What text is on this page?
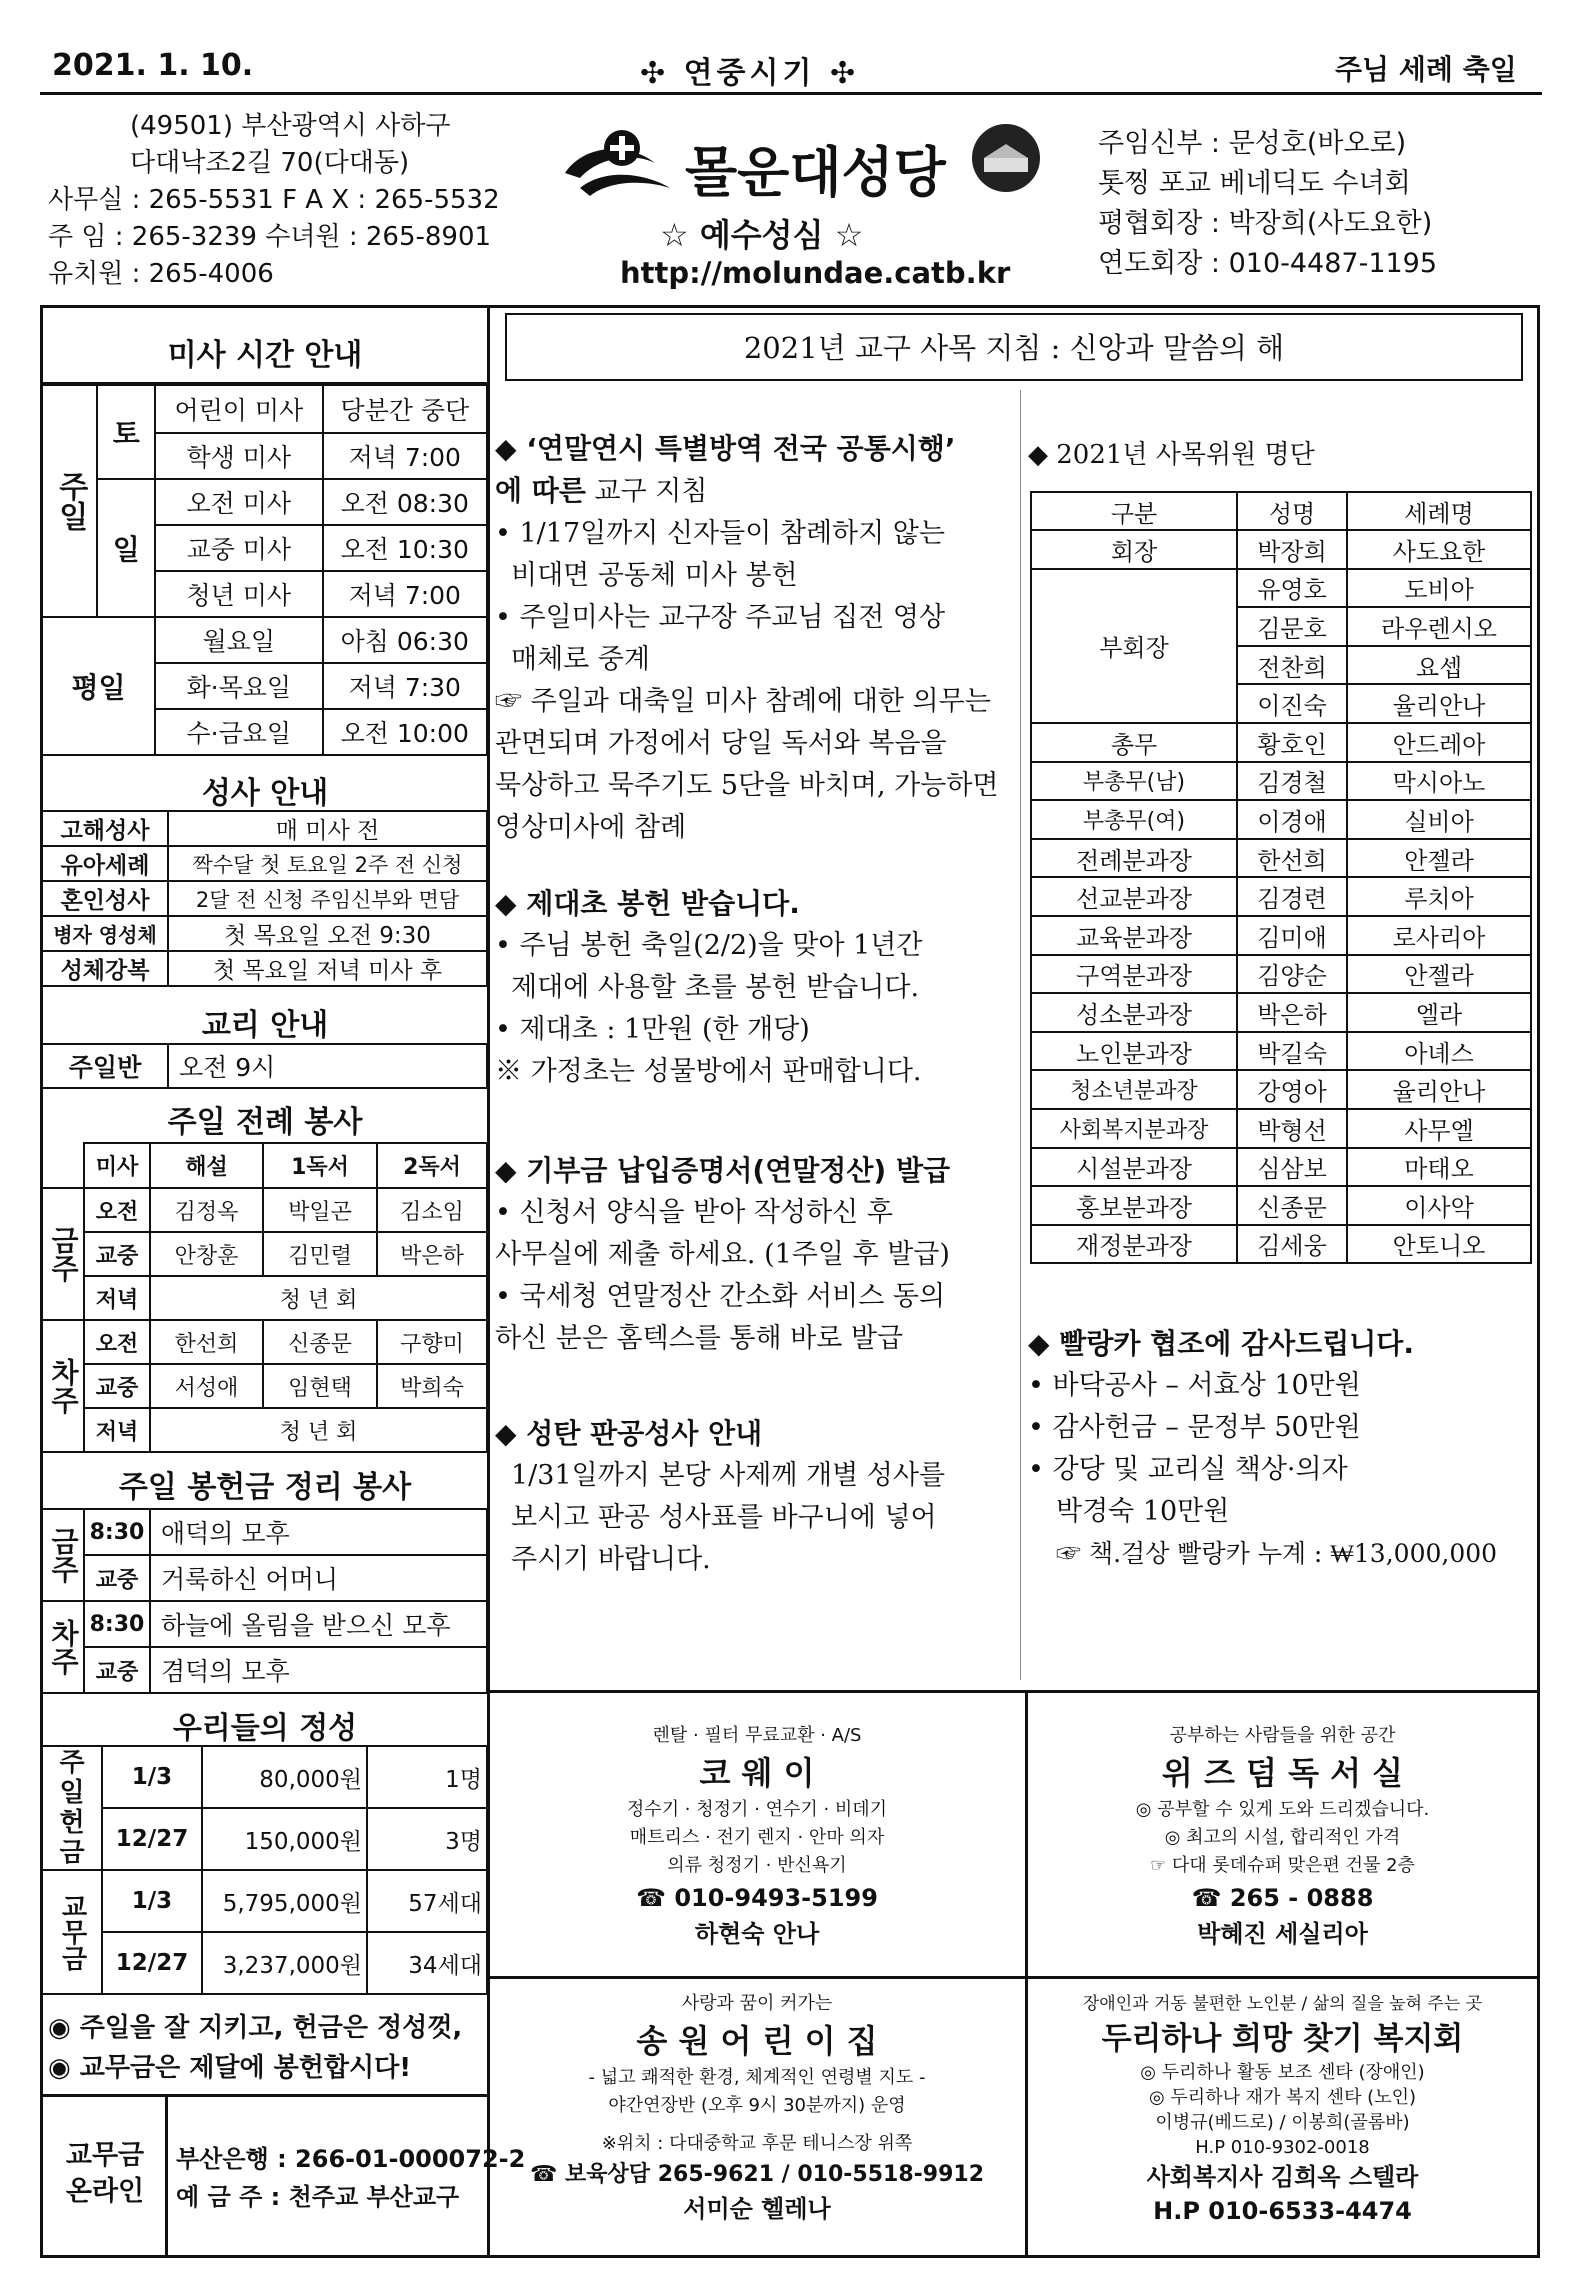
2021. 1. 10.	✣ 연중시기 ✣	주님 세례 축일
(49501) 부산광역시 사하구
다대낙조2길 70(다대동)
사무실 : 265-5531 F A X : 265-5532
주 임 : 265-3239 수녀원 : 265-8901
유치원 : 265-4006
몰운대성당
☆ 예수성심 ☆
http://molundae.catb.kr
주임신부 : 문성호(바오로)
톳찡 포교 베네딕도 수녀회
평협회장 : 박장희(사도요한)
연도회장 : 010-4487-1195
미사 시간 안내
주일	토	어린이 미사	당분간 중단
		학생 미사	저녁 7:00
	일	오전 미사	오전 08:30
		교중 미사	오전 10:30
		청년 미사	저녁 7:00
평일		월요일	아침 06:30
		화·목요일	저녁 7:30
		수·금요일	오전 10:00
성사 안내
고해성사	매 미사 전
유아세례	짝수달 첫 토요일 2주 전 신청
혼인성사	2달 전 신청 주임신부와 면담
병자 영성체	첫 목요일 오전 9:30
성체강복	첫 목요일 저녁 미사 후
교리 안내
주일반	오전 9시
주일 전례 봉사
	미사	해설	1독서	2독서

금주	오전	김정옥	박일곤	김소임
	교중	안창훈	김민렬	박은하
	저녁	청 년 회		

차주	오전	한선희	신종문	구향미
	교중	서성애	임현택	박희숙
	저녁	청 년 회		
주일 봉헌금 정리 봉사
금주	8:30	애덕의 모후
	교중	거룩하신 어머니

차주	8:30	하늘에 올림을 받으신 모후
	교중	겸덕의 모후
우리들의 정성
주일헌금	1/3	80,000원	1명
	12/27	150,000원	3명

교무금	1/3	5,795,000원	57세대
	12/27	3,237,000원	34세대
◉ 주일을 잘 지키고, 헌금은 정성껏,
◉ 교무금은 제달에 봉헌합시다!
교무금 온라인
부산은행 : 266-01-000072-2
예 금 주 : 천주교 부산교구
2021년 교구 사목 지침 : 신앙과 말씀의 해
◆ ‘연말연시 특별방역 전국 공통시행’
에 따른 교구 지침
• 1/17일까지 신자들이 참례하지 않는
비대면 공동체 미사 봉헌
• 주일미사는 교구장 주교님 집전 영상
매체로 중계
☞ 주일과 대축일 미사 참례에 대한 의무는
관면되며 가정에서 당일 독서와 복음을
묵상하고 묵주기도 5단을 바치며, 가능하면
영상미사에 참례
◆ 제대초 봉헌 받습니다.
• 주님 봉헌 축일(2/2)을 맞아 1년간
제대에 사용할 초를 봉헌 받습니다.
• 제대초 : 1만원 (한 개당)
※ 가정초는 성물방에서 판매합니다.
◆ 기부금 납입증명서(연말정산) 발급
• 신청서 양식을 받아 작성하신 후
사무실에 제출 하세요. (1주일 후 발급)
• 국세청 연말정산 간소화 서비스 동의
하신 분은 홈텍스를 통해 바로 발급
◆ 성탄 판공성사 안내
1/31일까지 본당 사제께 개별 성사를
보시고 판공 성사표를 바구니에 넣어
주시기 바랍니다.
◆ 2021년 사목위원 명단
구분	성명	세례명
회장	박장희	사도요한
부회장	유영호	도비아
	김문호	라우렌시오
	전찬희	요셉
	이진숙	율리안나
총무	황호인	안드레아
부총무(남)	김경철	막시아노
부총무(여)	이경애	실비아
전례분과장	한선희	안젤라
선교분과장	김경련	루치아
교육분과장	김미애	로사리아
구역분과장	김양순	안젤라
성소분과장	박은하	엘라
노인분과장	박길숙	아녜스
청소년분과장	강영아	율리안나
사회복지분과장	박형선	사무엘
시설분과장	심삼보	마태오
홍보분과장	신종문	이사악
재정분과장	김세웅	안토니오
◆ 빨랑카 협조에 감사드립니다.
• 바닥공사 – 서효상 10만원
• 감사헌금 – 문정부 50만원
• 강당 및 교리실 책상·의자
박경숙 10만원
☞ 책.걸상 빨랑카 누계 : ₩13,000,000
렌탈 · 필터 무료교환 · A/S
코 웨 이
정수기 · 청정기 · 연수기 · 비데기
매트리스 · 전기 렌지 · 안마 의자
의류 청정기 · 반신욕기
☎ 010-9493-5199
하현숙 안나
공부하는 사람들을 위한 공간
위 즈 덤 독 서 실
◎ 공부할 수 있게 도와 드리겠습니다.
◎ 최고의 시설, 합리적인 가격
☞ 다대 롯데슈퍼 맞은편 건물 2층
☎ 265 - 0888
박혜진 세실리아
사랑과 꿈이 커가는
송 원 어 린 이 집
- 넓고 쾌적한 환경, 체계적인 연령별 지도 -
야간연장반 (오후 9시 30분까지) 운영
※위치 : 다대중학교 후문 테니스장 위쪽
☎ 보육상담 265-9621 / 010-5518-9912
서미순 헬레나
장애인과 거동 불편한 노인분 / 삶의 질을 높혀 주는 곳
두리하나 희망 찾기 복지회
◎ 두리하나 활동 보조 센타 (장애인)
◎ 두리하나 재가 복지 센타 (노인)
이병규(베드로) / 이봉희(골롬바)
H.P 010-9302-0018
사회복지사 김희옥 스텔라
H.P 010-6533-4474
